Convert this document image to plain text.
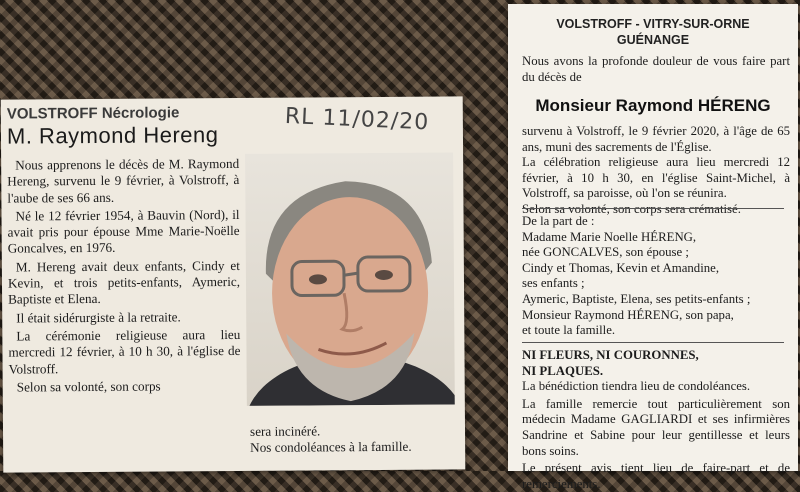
VOLSTROFF Nécrologie
M. Raymond Hereng	RL 11/02/20

Nous apprenons le décès de M. Raymond Hereng, survenu le 9 février, à Volstroff, à l'aube de ses 66 ans.

Né le 12 février 1954, à Bauvin (Nord), il avait pris pour épouse Mme Marie-Noëlle Goncalves, en 1976.

M. Hereng avait deux enfants, Cindy et Kevin, et trois petits-enfants, Aymeric, Baptiste et Elena.

Il était sidérurgiste à la retraite.

La cérémonie religieuse aura lieu mercredi 12 février, à 10 h 30, à l'église de Volstroff.

Selon sa volonté, son corps

sera incinéré.

Nos condoléances à la famille.

VOLSTROFF - VITRY-SUR-ORNE
GUÉNANGE
Nous avons la profonde douleur de vous faire part du décès de
Monsieur Raymond HÉRENG
survenu à Volstroff, le 9 février 2020, à l'âge de 65 ans, muni des sacrements de l'Église.
La célébration religieuse aura lieu mercredi 12 février, à 10 h 30, en l'église Saint-Michel, à Volstroff, sa paroisse, où l'on se réunira.
De la part de :
Madame Marie Noelle HÉRENG,
née GONCALVES, son épouse ;
Cindy et Thomas, Kevin et Amandine,
ses enfants ;
Aymeric, Baptiste, Elena, ses petits-enfants ;
Monsieur Raymond HÉRENG, son papa,
et toute la famille.
NI FLEURS, NI COURONNES,
NI PLAQUES.
La bénédiction tiendra lieu de condoléances.
La famille remercie tout particulièrement son médecin Madame GAGLIARDI et ses infirmières Sandrine et Sabine pour leur gentillesse et leurs bons soins.
Le présent avis tient lieu de faire-part et de remerciements.
